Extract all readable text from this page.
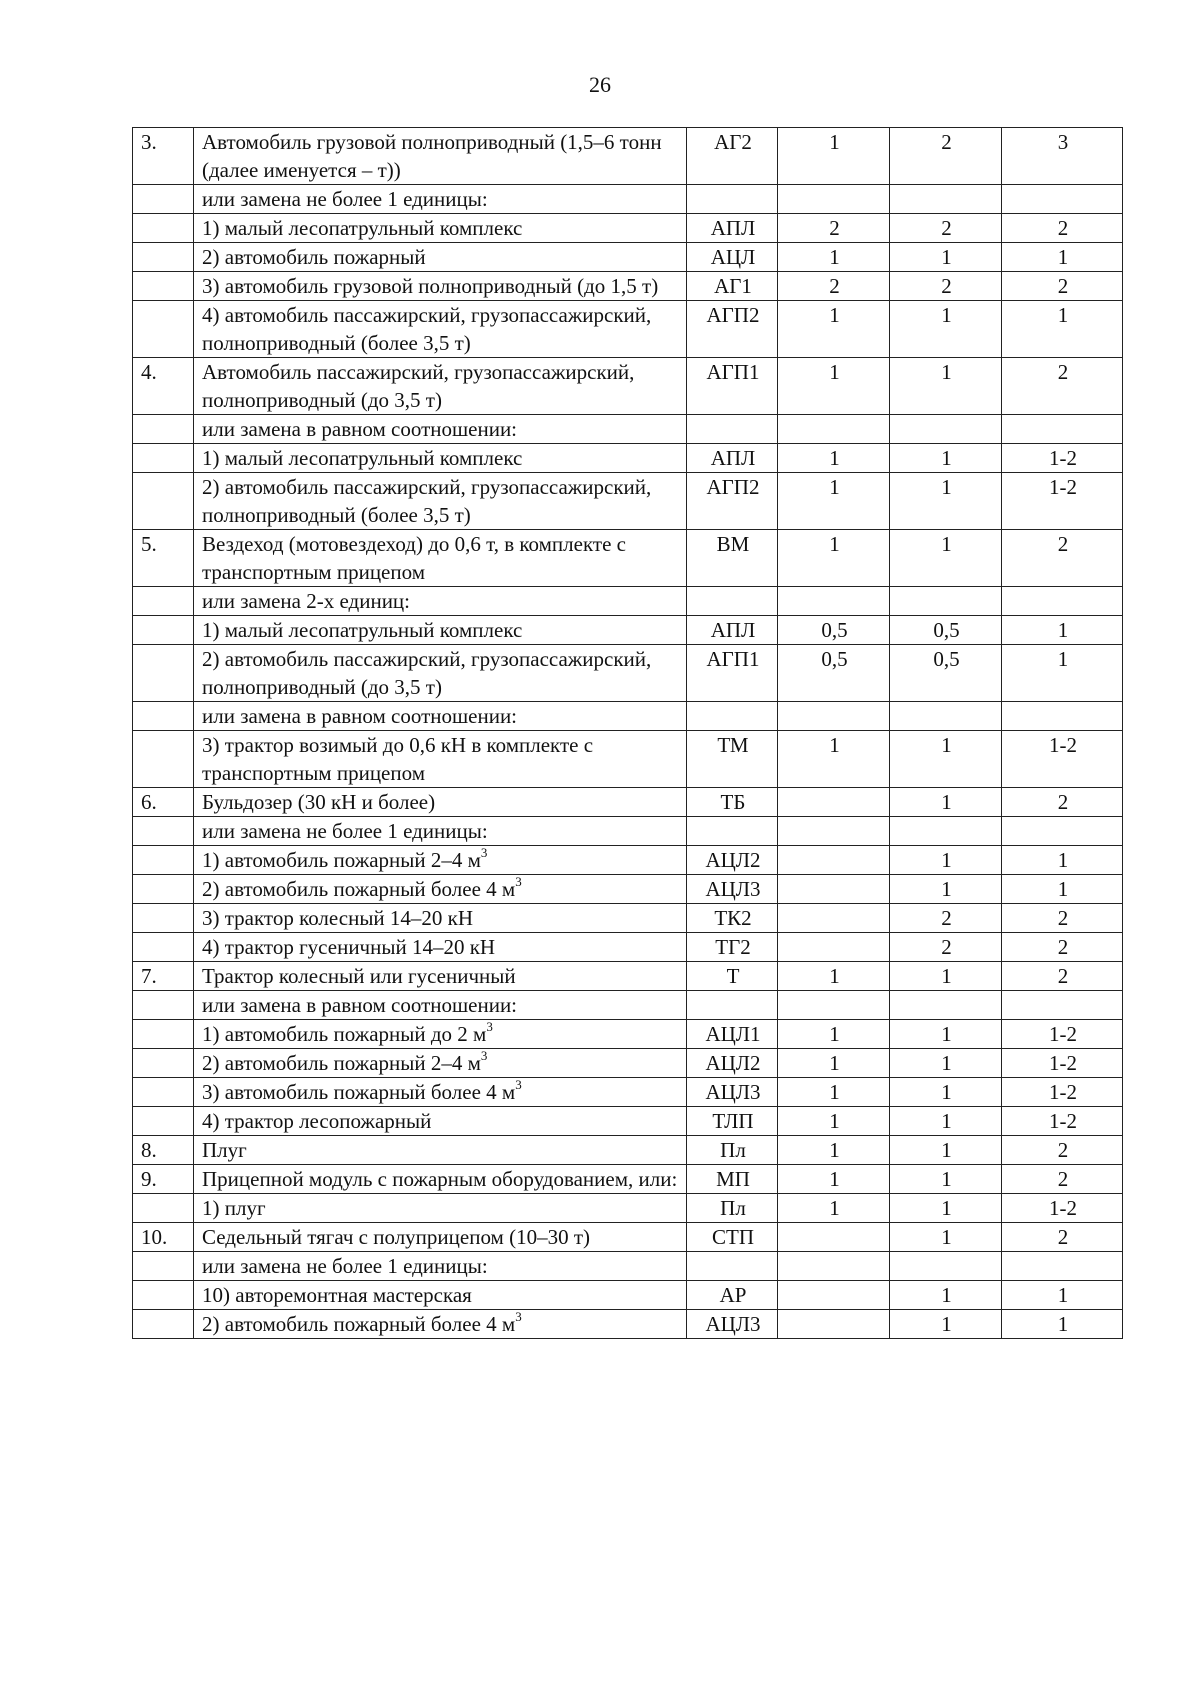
26
3.	Автомобиль грузовой полноприводный (1,5–6 тонн (далее именуется – т))	АГ2	1	2	3
	или замена не более 1 единицы:				
	1) малый лесопатрульный комплекс	АПЛ	2	2	2
	2) автомобиль пожарный	АЦЛ	1	1	1
	3) автомобиль грузовой полноприводный (до 1,5 т)	АГ1	2	2	2
	4) автомобиль пассажирский, грузопассажирский, полноприводный (более 3,5 т)	АГП2	1	1	1
4.	Автомобиль пассажирский, грузопассажирский, полноприводный (до 3,5 т)	АГП1	1	1	2
	или замена в равном соотношении:				
	1) малый лесопатрульный комплекс	АПЛ	1	1	1-2
	2) автомобиль пассажирский, грузопассажирский, полноприводный (более 3,5 т)	АГП2	1	1	1-2
5.	Вездеход (мотовездеход) до 0,6 т, в комплекте с транспортным прицепом	ВМ	1	1	2
	или замена 2-х единиц:				
	1) малый лесопатрульный комплекс	АПЛ	0,5	0,5	1
	2) автомобиль пассажирский, грузопассажирский, полноприводный (до 3,5 т)	АГП1	0,5	0,5	1
	или замена в равном соотношении:				
	3) трактор возимый до 0,6 кН в комплекте с транспортным прицепом	ТМ	1	1	1-2
6.	Бульдозер (30 кН и более)	ТБ		1	2
	или замена не более 1 единицы:				
	1) автомобиль пожарный 2–4 $м^3$	АЦЛ2		1	1
	2) автомобиль пожарный более 4 $м^3$	АЦЛ3		1	1
	3) трактор колесный 14–20 кН	ТК2		2	2
	4) трактор гусеничный 14–20 кН	ТГ2		2	2
7.	Трактор колесный или гусеничный	Т	1	1	2
	или замена в равном соотношении:				
	1) автомобиль пожарный до 2 $м^3$	АЦЛ1	1	1	1-2
	2) автомобиль пожарный 2–4 $м^3$	АЦЛ2	1	1	1-2
	3) автомобиль пожарный более 4 $м^3$	АЦЛ3	1	1	1-2
	4) трактор лесопожарный	ТЛП	1	1	1-2
8.	Плуг	Пл	1	1	2
9.	Прицепной модуль с пожарным оборудованием, или:	МП	1	1	2
	1) плуг	Пл	1	1	1-2
10.	Седельный тягач с полуприцепом (10–30 т)	СТП		1	2
	или замена не более 1 единицы:				
	10) авторемонтная мастерская	АР		1	1
	2) автомобиль пожарный более 4 $м^3$	АЦЛ3		1	1
